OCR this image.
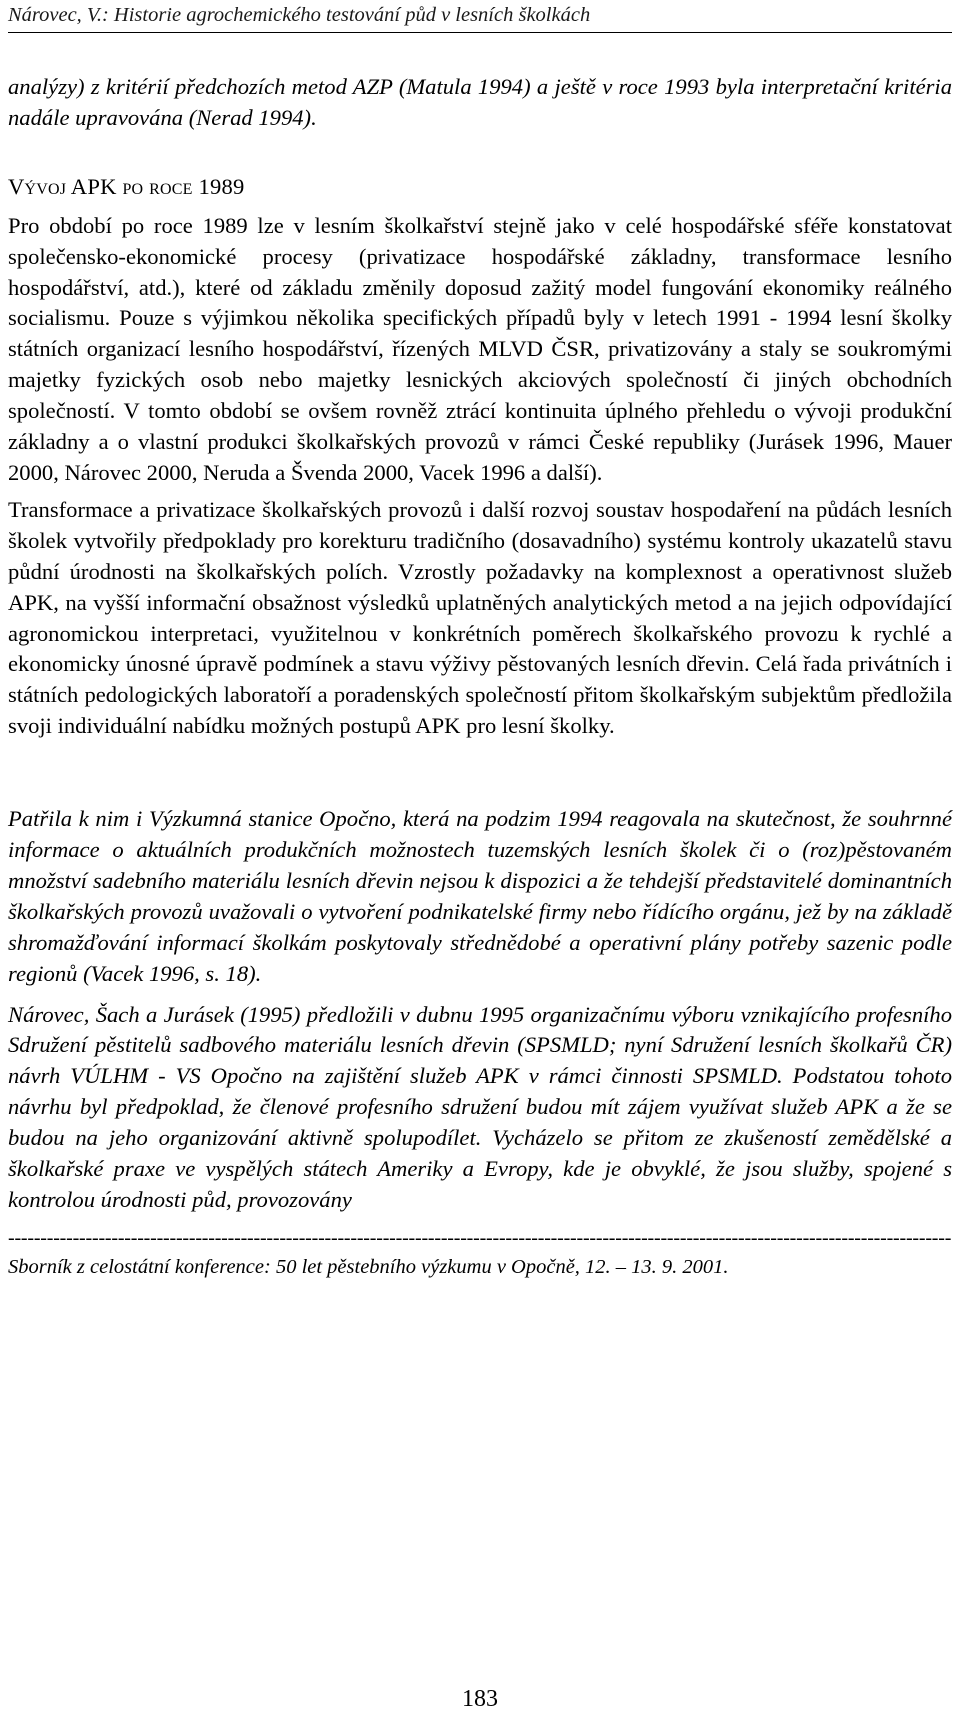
Nárovec, V.: Historie agrochemického testování půd v lesních školkách

analýzy) z kritérií předchozích metod AZP (Matula 1994) a ještě v roce 1993 byla interpretační kritéria nadále upravována (Nerad 1994).

Vývoj APK po roce 1989

Pro období po roce 1989 lze v lesním školkařství stejně jako v celé hospodářské sféře konstatovat společensko-ekonomické procesy (privatizace hospodářské základny, transformace lesního hospodářství, atd.), které od základu změnily doposud zažitý model fungování ekonomiky reálného socialismu. Pouze s výjimkou několika specifických případů byly v letech 1991 - 1994 lesní školky státních organizací lesního hospodářství, řízených MLVD ČSR, privatizovány a staly se soukromými majetky fyzických osob nebo majetky lesnických akciových společností či jiných obchodních společností. V tomto období se ovšem rovněž ztrácí kontinuita úplného přehledu o vývoji produkční základny a o vlastní produkci školkařských provozů v rámci České republiky (Jurásek 1996, Mauer 2000, Nárovec 2000, Neruda a Švenda 2000, Vacek 1996 a další).

Transformace a privatizace školkařských provozů i další rozvoj soustav hospodaření na půdách lesních školek vytvořily předpoklady pro korekturu tradičního (dosavadního) systému kontroly ukazatelů stavu půdní úrodnosti na školkařských polích. Vzrostly požadavky na komplexnost a operativnost služeb APK, na vyšší informační obsažnost výsledků uplatněných analytických metod a na jejich odpovídající agronomickou interpretaci, využitelnou v konkrétních poměrech školkařského provozu k rychlé a ekonomicky únosné úpravě podmínek a stavu výživy pěstovaných lesních dřevin. Celá řada privátních i státních pedologických laboratoří a poradenských společností přitom školkařským subjektům předložila svoji individuální nabídku možných postupů APK pro lesní školky.

Patřila k nim i Výzkumná stanice Opočno, která na podzim 1994 reagovala na skutečnost, že souhrnné informace o aktuálních produkčních možnostech tuzemských lesních školek či o (roz)pěstovaném množství sadebního materiálu lesních dřevin nejsou k dispozici a že tehdejší představitelé dominantních školkařských provozů uvažovali o vytvoření podnikatelské firmy nebo řídícího orgánu, jež by na základě shromažďování informací školkám poskytovaly střednědobé a operativní plány potřeby sazenic podle regionů (Vacek 1996, s. 18).

Nárovec, Šach a Jurásek (1995) předložili v dubnu 1995 organizačnímu výboru vznikajícího profesního Sdružení pěstitelů sadbového materiálu lesních dřevin (SPSMLD; nyní Sdružení lesních školkařů ČR) návrh VÚLHM - VS Opočno na zajištění služeb APK v rámci činnosti SPSMLD. Podstatou tohoto návrhu byl předpoklad, že členové profesního sdružení budou mít zájem využívat služeb APK a že se budou na jeho organizování aktivně spolupodílet. Vycházelo se přitom ze zkušeností zemědělské a školkařské praxe ve vyspělých státech Ameriky a Evropy, kde je obvyklé, že jsou služby, spojené s kontrolou úrodnosti půd, provozovány

--------------------------------------------------------------------------------------------------------------------------------------------------
Sborník z celostátní konference: 50 let pěstebního výzkumu v Opočně, 12. – 13. 9. 2001.
183
